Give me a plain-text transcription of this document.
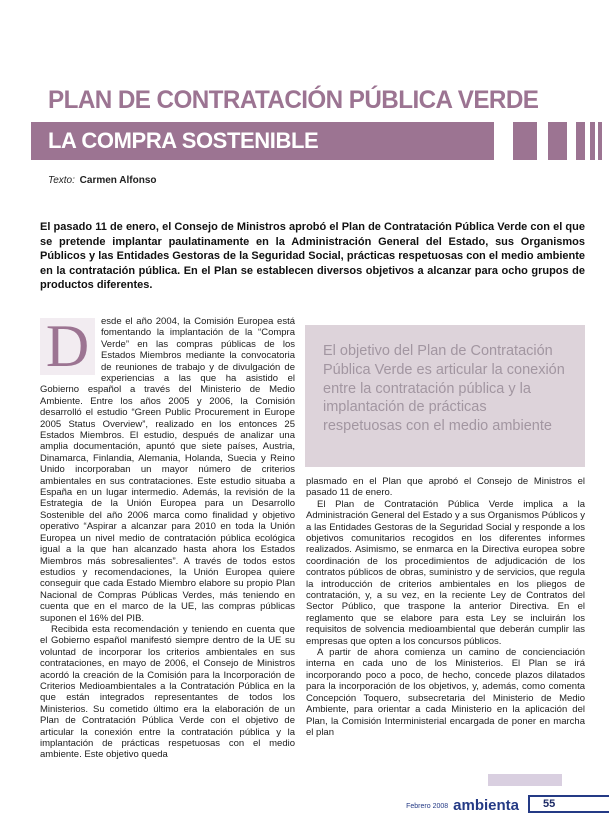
PLAN DE CONTRATACIÓN PÚBLICA VERDE
LA COMPRA SOSTENIBLE
Texto: Carmen Alfonso

El pasado 11 de enero, el Consejo de Ministros aprobó el Plan de Contratación Pública Verde con el que se pretende implantar paulatinamente en la Administración General del Estado, sus Organismos Públicos y las Entidades Gestoras de la Seguridad Social, prácticas respetuosas con el medio ambiente en la contratación pública. En el Plan se establecen diversos objetivos a alcanzar para ocho grupos de productos diferentes.

D	esde el año 2004, la Comisión Europea está fomentando la implantación de la “Compra Verde” en las compras públicas de los Estados Miembros mediante la convocatoria de reuniones de trabajo y de divulgación de experiencias a las que ha asistido el Gobierno español a través del Ministerio de Medio Ambiente. Entre los años 2005 y 2006, la Comisión desarrolló el estudio “Green Public Procurement in Europe 2005 Status Overview”, realizado en los entonces 25 Estados Miembros. El estudio, después de analizar una amplia documentación, apuntó que siete países, Austria, Dinamarca, Finlandia, Alemania, Holanda, Suecia y Reino Unido incorporaban un mayor número de criterios ambientales en sus contrataciones. Este estudio situaba a España en un lugar intermedio. Además, la revisión de la Estrategia de la Unión Europea para un Desarrollo Sostenible del año 2006 marca como finalidad y objetivo operativo “Aspirar a alcanzar para 2010 en toda la Unión Europea un nivel medio de contratación pública ecológica igual a la que han alcanzado hasta ahora los Estados Miembros más sobresalientes”. A través de todos estos estudios y recomendaciones, la Unión Europea quiere conseguir que cada Estado Miembro elabore su propio Plan Nacional de Compras Públicas Verdes, más teniendo en cuenta que en el marco de la UE, las compras públicas suponen el 16% del PIB.

Recibida esta recomendación y teniendo en cuenta que el Gobierno español manifestó siempre dentro de la UE su voluntad de incorporar los criterios ambientales en sus contrataciones, en mayo de 2006, el Consejo de Ministros acordó la creación de la Comisión para la Incorporación de Criterios Medioambientales a la Contratación Pública en la que están integrados representantes de todos los Ministerios. Su cometido último era la elaboración de un Plan de Contratación Pública Verde con el objetivo de articular la conexión entre la contratación pública y la implantación de prácticas respetuosas con el medio ambiente. Este objetivo queda

El objetivo del Plan de Contratación Pública Verde es articular la conexión entre la contratación pública y la implantación de prácticas respetuosas con el medio ambiente

plasmado en el Plan que aprobó el Consejo de Ministros el pasado 11 de enero.

El Plan de Contratación Pública Verde implica a la Administración General del Estado y a sus Organismos Públicos y a las Entidades Gestoras de la Seguridad Social y responde a los objetivos comunitarios recogidos en los diferentes informes realizados. Asimismo, se enmarca en la Directiva europea sobre coordinación de los procedimientos de adjudicación de los contratos públicos de obras, suministro y de servicios, que regula la introducción de criterios ambientales en los pliegos de contratación, y, a su vez, en la reciente Ley de Contratos del Sector Público, que traspone la anterior Directiva. En el reglamento que se elabore para esta Ley se incluirán los requisitos de solvencia medioambiental que deberán cumplir las empresas que opten a los concursos públicos.

A partir de ahora comienza un camino de concienciación interna en cada uno de los Ministerios. El Plan se irá incorporando poco a poco, de hecho, concede plazos dilatados para la incorporación de los objetivos, y, además, como comenta Concepción Toquero, subsecretaria del Ministerio de Medio Ambiente, para orientar a cada Ministerio en la aplicación del Plan, la Comisión Interministerial encargada de poner en marcha el plan

Febrero 2008 ambienta 55
